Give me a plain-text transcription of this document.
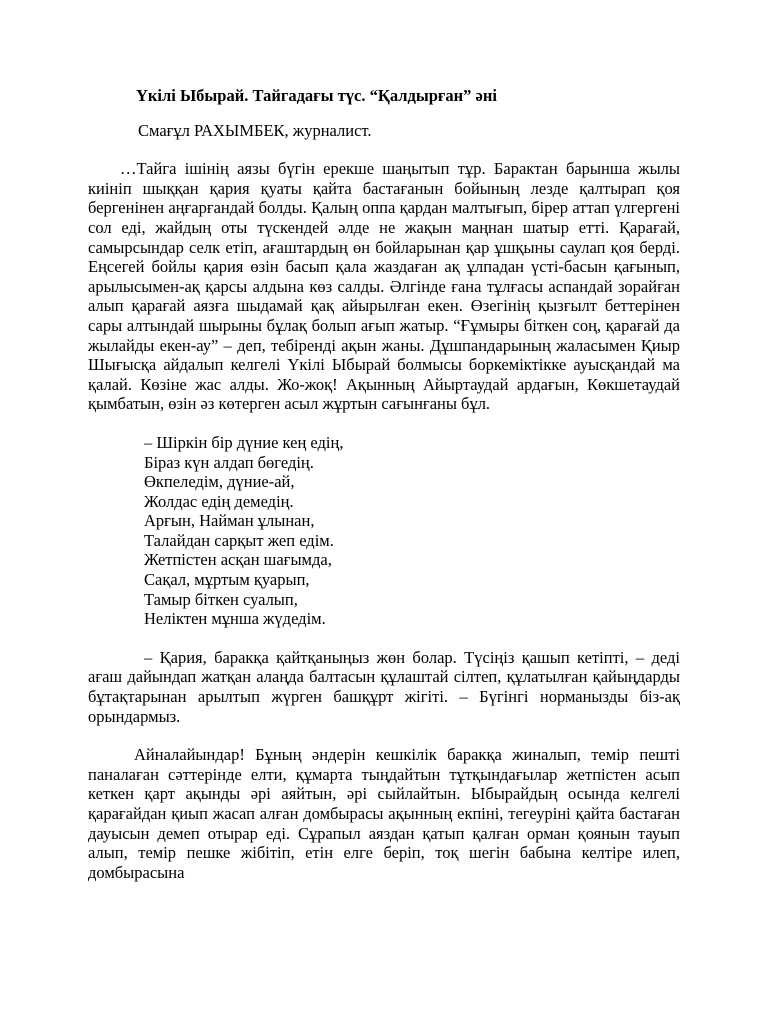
Үкілі Ыбырай. Тайгадағы түс. “Қалдырған” әні
Смағұл РАХЫМБЕК, журналист.
…Тайга ішінің аязы бүгін ерекше шаңытып тұр. Барактан барынша жылы киініп шыққан қария қуаты қайта бастағанын бойының лезде қалтырап қоя бергенінен аңғарғандай болды. Қалың оппа қардан малтығып, бірер аттап үлгергені сол еді, жайдың оты түскендей әлде не жақын маңнан шатыр етті. Қарағай, самырсындар селк етіп, ағаштардың өн бойларынан қар ұшқыны саулап қоя берді. Еңсегей бойлы қария өзін басып қала жаздаған ақ ұлпадан үсті-басын қағынып, арылысымен-ақ қарсы алдына көз салды. Әлгінде ғана тұлғасы аспандай зорайған алып қарағай аязға шыдамай қақ айырылған екен. Өзегінің қызғылт беттерінен сары алтындай шырыны бұлақ болып ағып жатыр. “Ғұмыры біткен соң, қарағай да жылайды екен-ау” – деп, тебіренді ақын жаны. Дұшпандарының жаласымен Қиыр Шығысқа айдалып келгелі Үкілі Ыбырай болмысы боркемiктiкке ауысқандай ма қалай. Көзіне жас алды. Жо-жоқ! Ақынның Айыртаудай ардағын, Көкшетаудай қымбатын, өзін әз көтерген асыл жұртын сағынғаны бұл.
– Шіркін бір дүние кең едің,
Біраз күн алдап бөгедің.
Өкпеледім, дүние-ай,
Жолдас едің демедің.
Арғын, Найман ұлынан,
Талайдан сарқыт жеп едім.
Жетпістен асқан шағымда,
Сақал, мұртым қуарып,
Тамыр біткен суалып,
Неліктен мұнша жүдедім.
– Қария, баракқа қайтқаныңыз жөн болар. Түсіңіз қашып кетіпті, – деді ағаш дайындап жатқан алаңда балтасын құлаштай сілтеп, құлатылған қайыңдарды бұтақтарынан арылтып жүрген башқұрт жігіті. – Бүгінгі норманызды біз-ақ орындармыз.
Айналайындар! Бұның әндерін кешкілік баракқа жиналып, темір пешті паналаған сәттерінде елти, құмарта тыңдайтын тұтқындағылар жетпістен асып кеткен қарт ақынды әрі аяйтын, әрі сыйлайтын. Ыбырайдың осында келгелі қарағайдан қиып жасап алған домбырасы ақынның екпіні, тегеуріні қайта бастаған дауысын демеп отырар еді. Сұрапыл аяздан қатып қалған орман қоянын тауып алып, темір пешке жібітіп, етін елге беріп, тоқ шегін бабына келтіре илеп, домбырасына
